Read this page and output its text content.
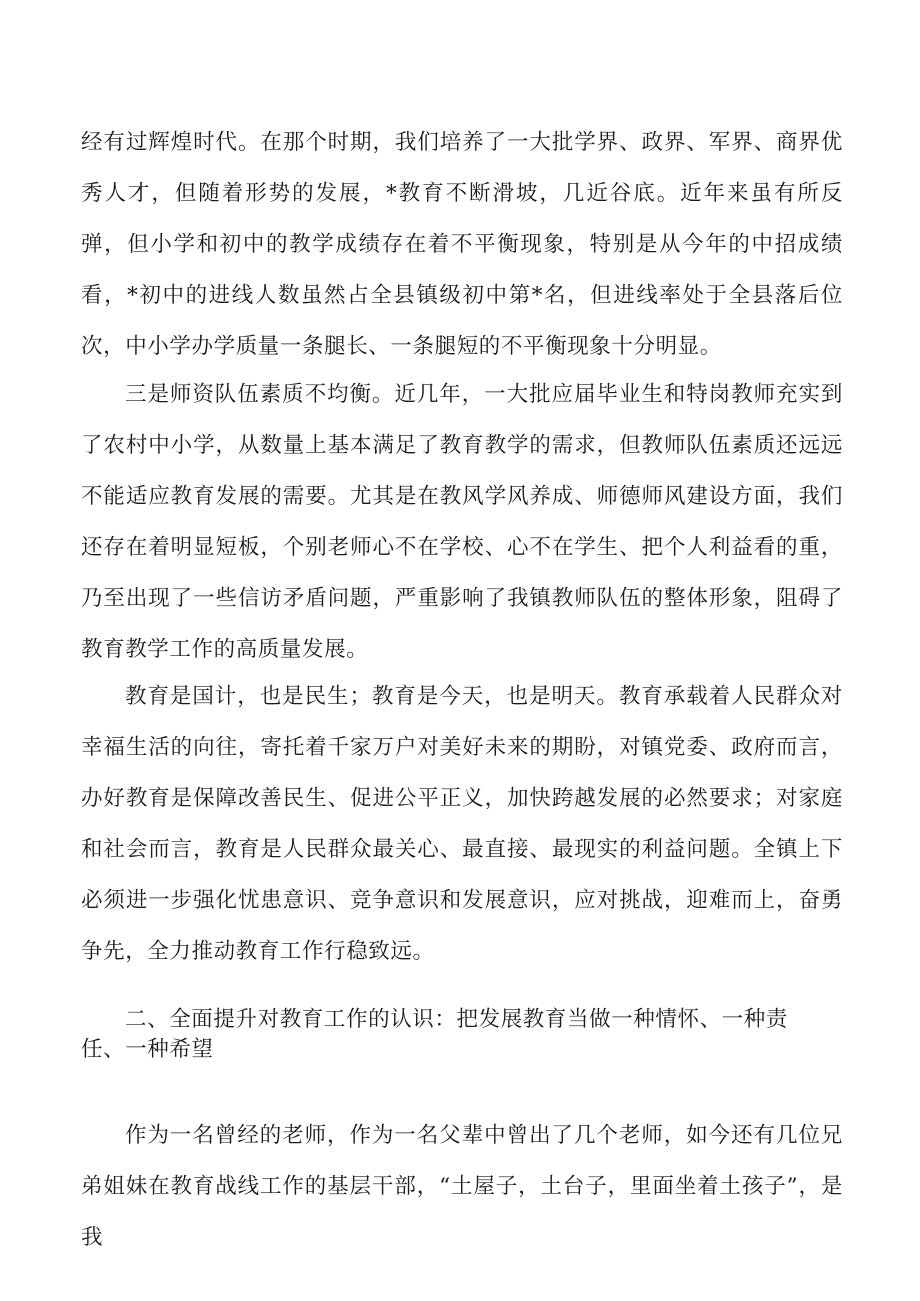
经有过辉煌时代。在那个时期，我们培养了一大批学界、政界、军界、商界优秀人才，但随着形势的发展，*教育不断滑坡，几近谷底。近年来虽有所反弹，但小学和初中的教学成绩存在着不平衡现象，特别是从今年的中招成绩看，*初中的进线人数虽然占全县镇级初中第*名，但进线率处于全县落后位次，中小学办学质量一条腿长、一条腿短的不平衡现象十分明显。

三是师资队伍素质不均衡。近几年，一大批应届毕业生和特岗教师充实到了农村中小学，从数量上基本满足了教育教学的需求，但教师队伍素质还远远不能适应教育发展的需要。尤其是在教风学风养成、师德师风建设方面，我们还存在着明显短板，个别老师心不在学校、心不在学生、把个人利益看的重，乃至出现了一些信访矛盾问题，严重影响了我镇教师队伍的整体形象，阻碍了教育教学工作的高质量发展。

教育是国计，也是民生；教育是今天，也是明天。教育承载着人民群众对幸福生活的向往，寄托着千家万户对美好未来的期盼，对镇党委、政府而言，办好教育是保障改善民生、促进公平正义，加快跨越发展的必然要求；对家庭和社会而言，教育是人民群众最关心、最直接、最现实的利益问题。全镇上下必须进一步强化忧患意识、竞争意识和发展意识，应对挑战，迎难而上，奋勇争先，全力推动教育工作行稳致远。

二、全面提升对教育工作的认识：把发展教育当做一种情怀、一种责任、一种希望

作为一名曾经的老师，作为一名父辈中曾出了几个老师，如今还有几位兄弟姐妹在教育战线工作的基层干部，“土屋子，土台子，里面坐着土孩子”，是我
